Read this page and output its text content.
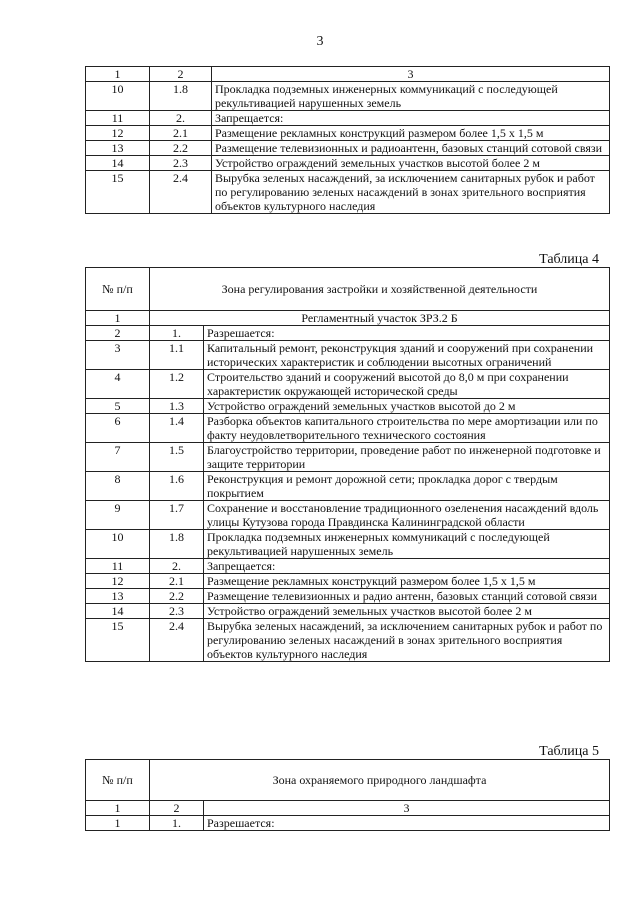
3
1	2	3
10	1.8	Прокладка подземных инженерных коммуникаций с последующей рекультивацией нарушенных земель
11	2.	Запрещается:
12	2.1	Размещение рекламных конструкций размером более 1,5 х 1,5 м
13	2.2	Размещение телевизионных и радиоантенн, базовых станций сотовой связи
14	2.3	Устройство ограждений земельных участков высотой более 2 м
15	2.4	Вырубка зеленых насаждений, за исключением санитарных рубок и работ по регулированию зеленых насаждений в зонах зрительного восприятия объектов культурного наследия
Таблица 4
№ п/п	Зона регулирования застройки и хозяйственной деятельности	
1	Регламентный участок ЗРЗ.2 Б	
2	1.	Разрешается:
3	1.1	Капитальный ремонт, реконструкция зданий и сооружений при сохранении исторических характеристик и соблюдении высотных ограничений
4	1.2	Строительство зданий и сооружений высотой до 8,0 м при сохранении характеристик окружающей исторической среды
5	1.3	Устройство ограждений земельных участков высотой до 2 м
6	1.4	Разборка объектов капитального строительства по мере амортизации или по факту неудовлетворительного технического состояния
7	1.5	Благоустройство территории, проведение работ по инженерной подготовке и защите территории
8	1.6	Реконструкция и ремонт дорожной сети; прокладка дорог с твердым покрытием
9	1.7	Сохранение и восстановление традиционного озеленения насаждений вдоль улицы Кутузова города Правдинска Калининградской области
10	1.8	Прокладка подземных инженерных коммуникаций с последующей рекультивацией нарушенных земель
11	2.	Запрещается:
12	2.1	Размещение рекламных конструкций размером более 1,5 х 1,5 м
13	2.2	Размещение телевизионных и радио антенн, базовых станций сотовой связи
14	2.3	Устройство ограждений земельных участков высотой более 2 м
15	2.4	Вырубка зеленых насаждений, за исключением санитарных рубок и работ по регулированию зеленых насаждений в зонах зрительного восприятия объектов культурного наследия
Таблица 5
№ п/п	Зона охраняемого природного ландшафта	
1	2	3
1	1.	Разрешается:
